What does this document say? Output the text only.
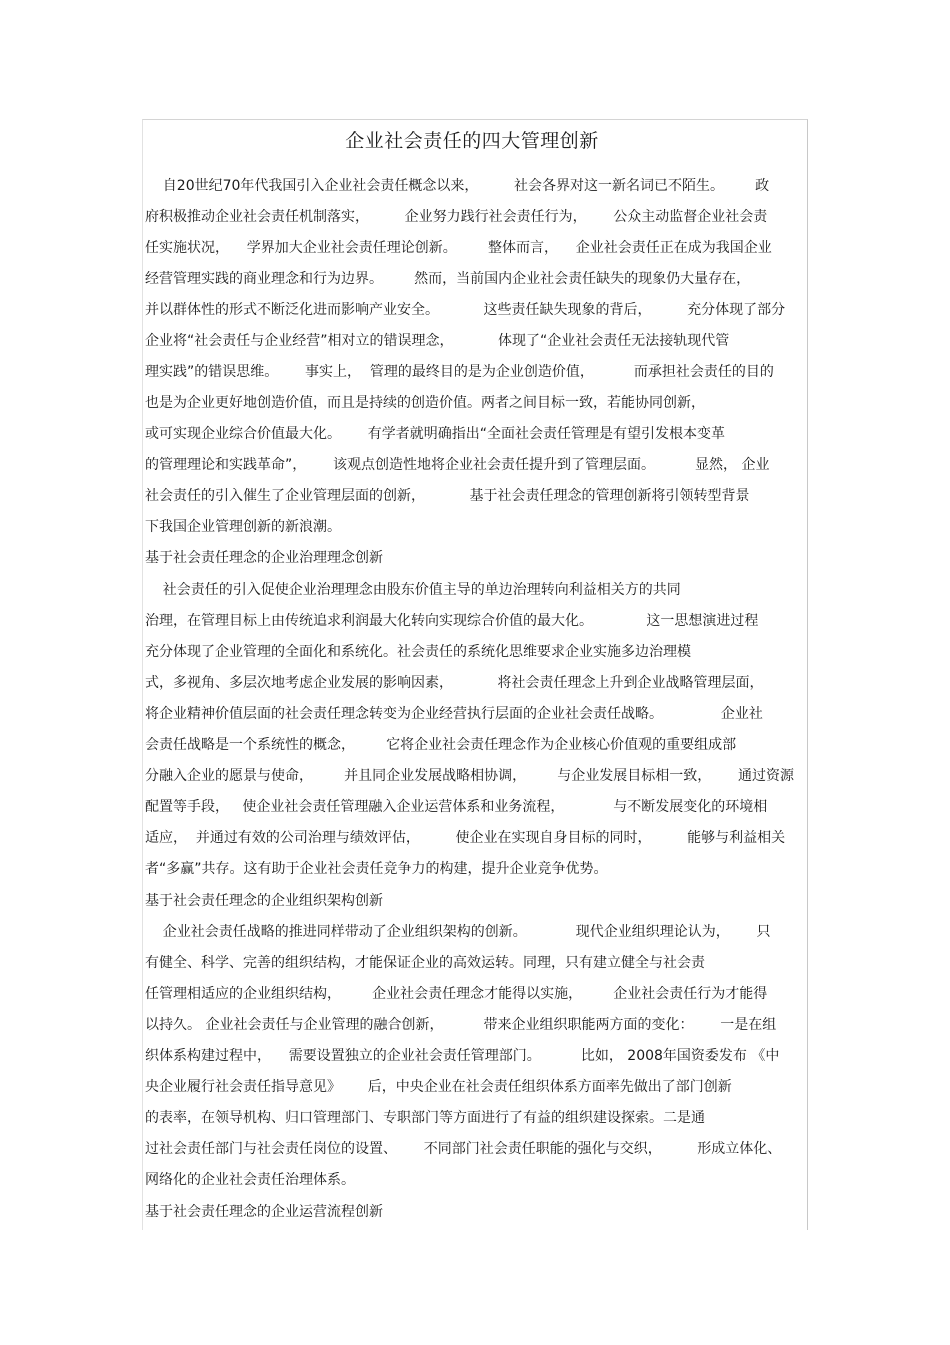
企业社会责任的四大管理创新
自20世纪70年代我国引入企业社会责任概念以来，        社会各界对这一新名词已不陌生。       政
府积极推动企业社会责任机制落实，        企业努力践行社会责任行为，      公众主动监督企业社会责
任实施状况，    学界加大企业社会责任理论创新。       整体而言，    企业社会责任正在成为我国企业
经营管理实践的商业理念和行为边界。       然而，当前国内企业社会责任缺失的现象仍大量存在，
并以群体性的形式不断泛化进而影响产业安全。          这些责任缺失现象的背后，        充分体现了部分
企业将“社会责任与企业经营”相对立的错误理念，          体现了“企业社会责任无法接轨现代管
理实践”的错误思维。      事实上，  管理的最终目的是为企业创造价值，         而承担社会责任的目的
也是为企业更好地创造价值，而且是持续的创造价值。两者之间目标一致，若能协同创新，
或可实现企业综合价值最大化。      有学者就明确指出“全面社会责任管理是有望引发根本变革
的管理理论和实践革命”，      该观点创造性地将企业社会责任提升到了管理层面。         显然， 企业
社会责任的引入催生了企业管理层面的创新，          基于社会责任理念的管理创新将引领转型背景
下我国企业管理创新的新浪潮。
基于社会责任理念的企业治理理念创新
社会责任的引入促使企业治理理念由股东价值主导的单边治理转向利益相关方的共同
治理，在管理目标上由传统追求利润最大化转向实现综合价值的最大化。            这一思想演进过程
充分体现了企业管理的全面化和系统化。社会责任的系统化思维要求企业实施多边治理模
式，多视角、多层次地考虑企业发展的影响因素，          将社会责任理念上升到企业战略管理层面，
将企业精神价值层面的社会责任理念转变为企业经营执行层面的企业社会责任战略。             企业社
会责任战略是一个系统性的概念，       它将企业社会责任理念作为企业核心价值观的重要组成部
分融入企业的愿景与使命，       并且同企业发展战略相协调，       与企业发展目标相一致，      通过资源
配置等手段，   使企业社会责任管理融入企业运营体系和业务流程，           与不断发展变化的环境相
适应，  并通过有效的公司治理与绩效评估，        使企业在实现自身目标的同时，        能够与利益相关
者“多赢”共存。这有助于企业社会责任竞争力的构建，提升企业竞争优势。
基于社会责任理念的企业组织架构创新
企业社会责任战略的推进同样带动了企业组织架构的创新。           现代企业组织理论认为，      只
有健全、科学、完善的组织结构，才能保证企业的高效运转。同理，只有建立健全与社会责
任管理相适应的企业组织结构，       企业社会责任理念才能得以实施，       企业社会责任行为才能得
以持久。 企业社会责任与企业管理的融合创新，         带来企业组织职能两方面的变化：      一是在组
织体系构建过程中，    需要设置独立的企业社会责任管理部门。         比如， 2008年国资委发布 《中
央企业履行社会责任指导意见》      后，中央企业在社会责任组织体系方面率先做出了部门创新
的表率，在领导机构、归口管理部门、专职部门等方面进行了有益的组织建设探索。二是通
过社会责任部门与社会责任岗位的设置、      不同部门社会责任职能的强化与交织，        形成立体化、
网络化的企业社会责任治理体系。
基于社会责任理念的企业运营流程创新
